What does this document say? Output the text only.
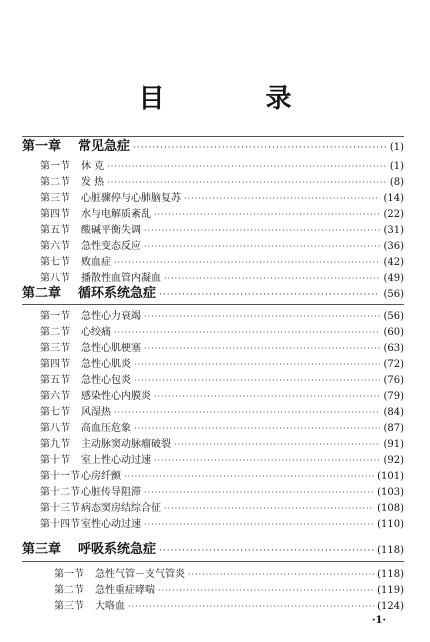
目 录
第一章	常见急症 ·····	(1)
第一节	休 克 ·····	(1)
第二节	发 热 ·····	(8)
第三节	心脏骤停与心肺脑复苏 ·····	(14)
第四节	水与电解质紊乱 ·····	(22)
第五节	酸碱平衡失调 ·····	(31)
第六节	急性变态反应 ·····	(36)
第七节	败血症 ·····	(42)
第八节	播散性血管内凝血 ·····	(49)
第二章	循环系统急症 ·····	(56)
第一节	急性心力衰竭 ·····	(56)
第二节	心绞痛 ·····	(60)
第三节	急性心肌梗塞 ·····	(63)
第四节	急性心肌炎 ·····	(72)
第五节	急性心包炎 ·····	(76)
第六节	感染性心内膜炎 ·····	(79)
第七节	风湿热 ·····	(84)
第八节	高血压危象 ·····	(87)
第九节	主动脉窦动脉瘤破裂 ·····	(91)
第十节	室上性心动过速 ·····	(92)
第十一节 心房纤颤 ·····	(101)
第十二节 心脏传导阻滞 ·····	(103)
第十三节 病态窦房结综合征 ·····	(108)
第十四节 室性心动过速 ·····	(110)
第三章	呼吸系统急症 ·····	(118)
第一节	急性气管－支气管炎 ·····	(118)
第二节	急性重症哮喘 ·····	(119)
第三节	大咯血 ·····	(124)
·1·
